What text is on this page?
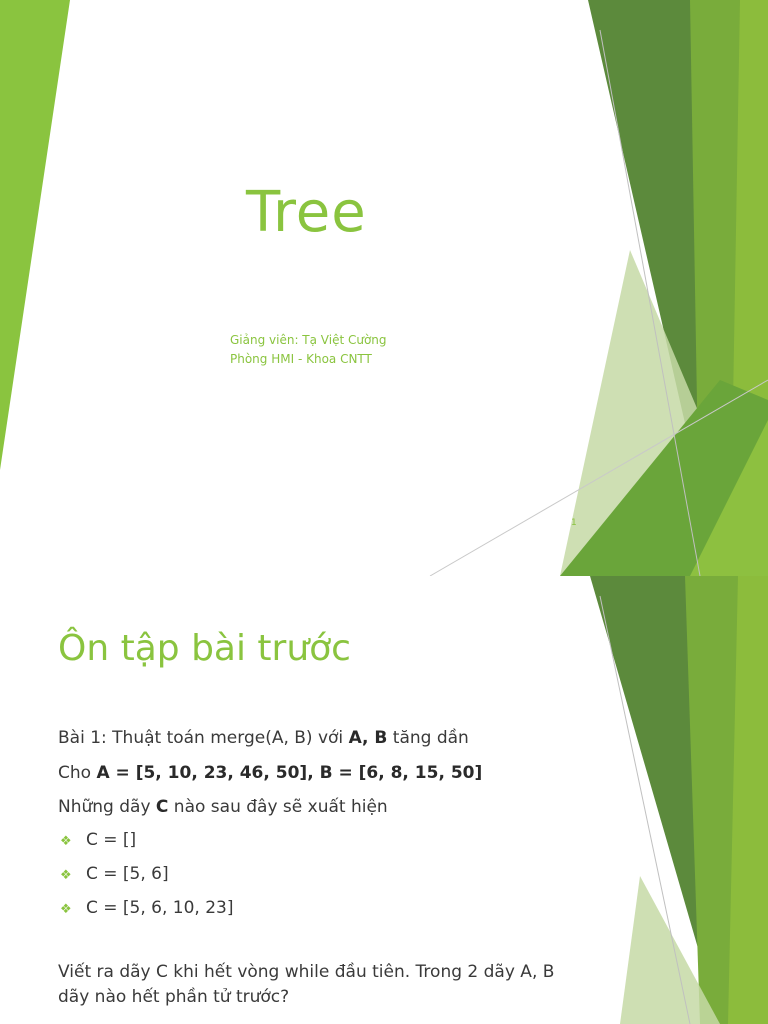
Tree
Giảng viên: Tạ Việt Cường
Phòng HMI - Khoa CNTT
1
Ôn tập bài trước
Bài 1: Thuật toán merge(A, B) với A, B tăng dần
Cho A = [5, 10, 23, 46, 50], B = [6, 8, 15, 50]
Những dãy C nào sau đây sẽ xuất hiện
❖ C = []
❖ C = [5, 6]
❖ C = [5, 6, 10, 23]
Viết ra dãy C khi hết vòng while đầu tiên. Trong 2 dãy A, B dãy nào hết phần tử trước?
